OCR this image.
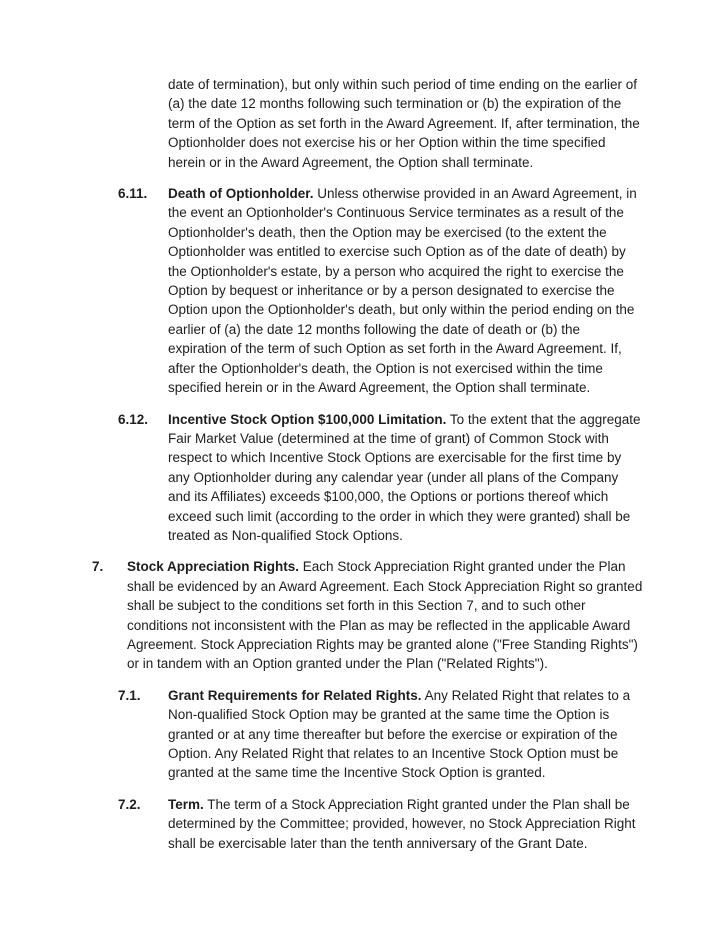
date of termination), but only within such period of time ending on the earlier of (a) the date 12 months following such termination or (b) the expiration of the term of the Option as set forth in the Award Agreement. If, after termination, the Optionholder does not exercise his or her Option within the time specified herein or in the Award Agreement, the Option shall terminate.

6.11.	Death of Optionholder. Unless otherwise provided in an Award Agreement, in the event an Optionholder's Continuous Service terminates as a result of the Optionholder's death, then the Option may be exercised (to the extent the Optionholder was entitled to exercise such Option as of the date of death) by the Optionholder's estate, by a person who acquired the right to exercise the Option by bequest or inheritance or by a person designated to exercise the Option upon the Optionholder's death, but only within the period ending on the earlier of (a) the date 12 months following the date of death or (b) the expiration of the term of such Option as set forth in the Award Agreement. If, after the Optionholder's death, the Option is not exercised within the time specified herein or in the Award Agreement, the Option shall terminate.
6.12.	Incentive Stock Option $100,000 Limitation. To the extent that the aggregate Fair Market Value (determined at the time of grant) of Common Stock with respect to which Incentive Stock Options are exercisable for the first time by any Optionholder during any calendar year (under all plans of the Company and its Affiliates) exceeds $100,000, the Options or portions thereof which exceed such limit (according to the order in which they were granted) shall be treated as Non-qualified Stock Options.
7.	Stock Appreciation Rights. Each Stock Appreciation Right granted under the Plan shall be evidenced by an Award Agreement. Each Stock Appreciation Right so granted shall be subject to the conditions set forth in this Section 7, and to such other conditions not inconsistent with the Plan as may be reflected in the applicable Award Agreement. Stock Appreciation Rights may be granted alone ("Free Standing Rights") or in tandem with an Option granted under the Plan ("Related Rights").
7.1.	Grant Requirements for Related Rights. Any Related Right that relates to a Non-qualified Stock Option may be granted at the same time the Option is granted or at any time thereafter but before the exercise or expiration of the Option. Any Related Right that relates to an Incentive Stock Option must be granted at the same time the Incentive Stock Option is granted.
7.2.	Term. The term of a Stock Appreciation Right granted under the Plan shall be determined by the Committee; provided, however, no Stock Appreciation Right shall be exercisable later than the tenth anniversary of the Grant Date.
